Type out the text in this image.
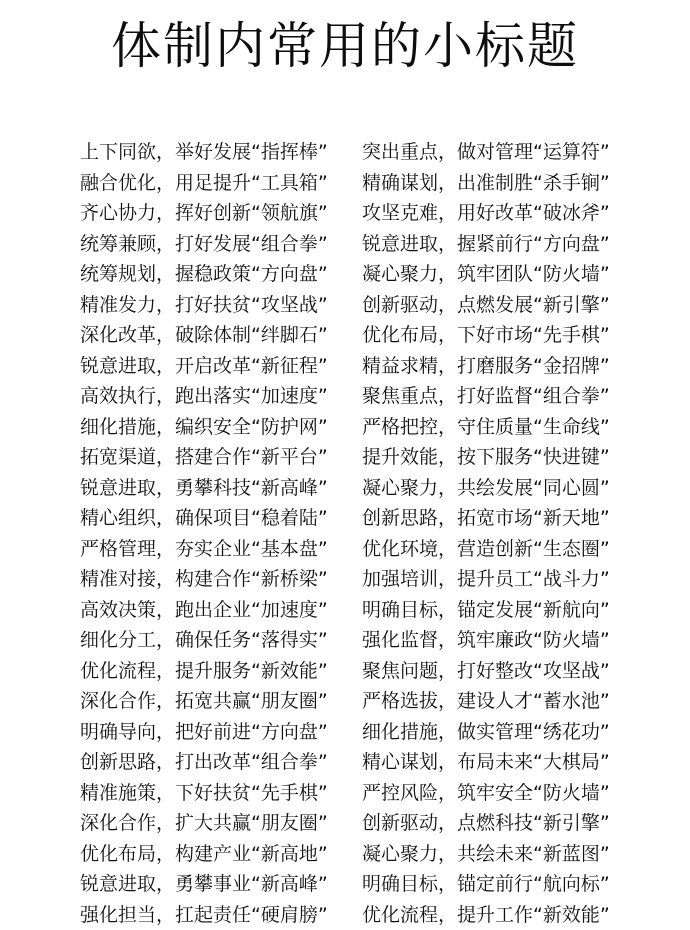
体制内常用的小标题
上下同欲，举好发展“指挥棒” 突出重点，做对管理“运算符”
融合优化，用足提升“工具箱” 精确谋划，出准制胜“杀手锏”
齐心协力，挥好创新“领航旗” 攻坚克难，用好改革“破冰斧”
统筹兼顾，打好发展“组合拳” 锐意进取，握紧前行“方向盘”
统筹规划，握稳政策“方向盘” 凝心聚力，筑牢团队“防火墙”
精准发力，打好扶贫“攻坚战” 创新驱动，点燃发展“新引擎”
深化改革，破除体制“绊脚石” 优化布局，下好市场“先手棋”
锐意进取，开启改革“新征程” 精益求精，打磨服务“金招牌”
高效执行，跑出落实“加速度” 聚焦重点，打好监督“组合拳”
细化措施，编织安全“防护网” 严格把控，守住质量“生命线”
拓宽渠道，搭建合作“新平台” 提升效能，按下服务“快进键”
锐意进取，勇攀科技“新高峰” 凝心聚力，共绘发展“同心圆”
精心组织，确保项目“稳着陆” 创新思路，拓宽市场“新天地”
严格管理，夯实企业“基本盘” 优化环境，营造创新“生态圈”
精准对接，构建合作“新桥梁” 加强培训，提升员工“战斗力”
高效决策，跑出企业“加速度” 明确目标，锚定发展“新航向”
细化分工，确保任务“落得实” 强化监督，筑牢廉政“防火墙”
优化流程，提升服务“新效能” 聚焦问题，打好整改“攻坚战”
深化合作，拓宽共赢“朋友圈” 严格选拔，建设人才“蓄水池”
明确导向，把好前进“方向盘” 细化措施，做实管理“绣花功”
创新思路，打出改革“组合拳” 精心谋划，布局未来“大棋局”
精准施策，下好扶贫“先手棋” 严控风险，筑牢安全“防火墙”
深化合作，扩大共赢“朋友圈” 创新驱动，点燃科技“新引擎”
优化布局，构建产业“新高地” 凝心聚力，共绘未来“新蓝图”
锐意进取，勇攀事业“新高峰” 明确目标，锚定前行“航向标”
强化担当，扛起责任“硬肩膀” 优化流程，提升工作“新效能”
